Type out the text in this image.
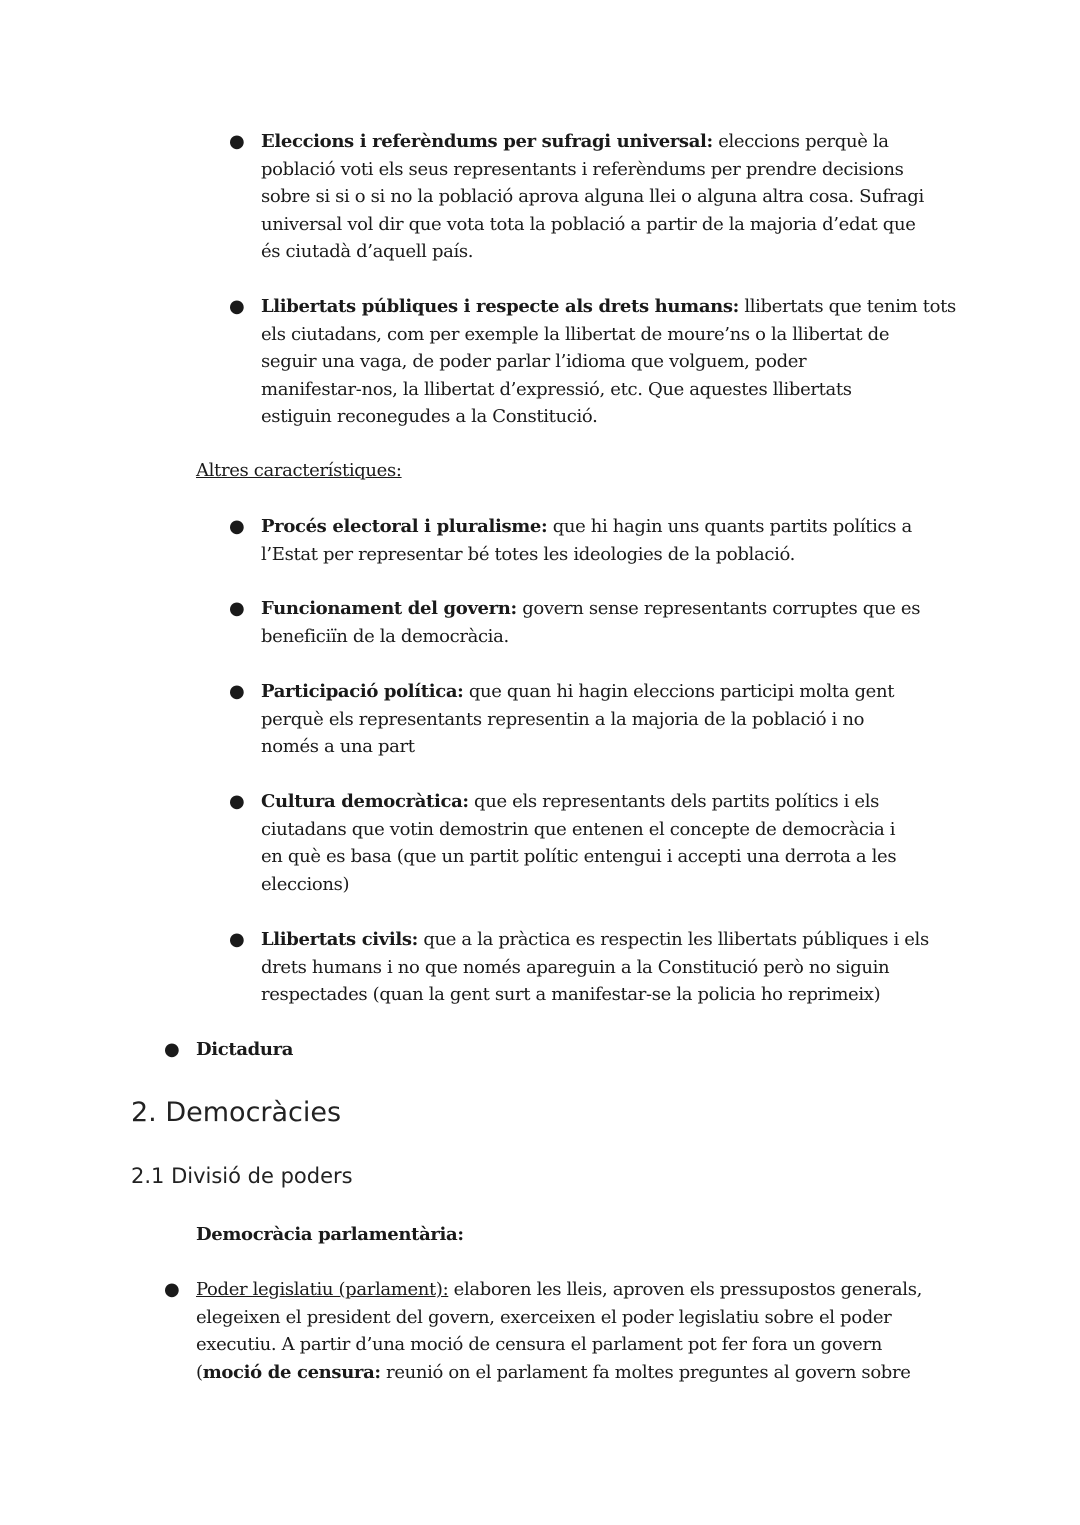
● Eleccions i referèndums per sufragi universal: eleccions perquè la
població voti els seus representants i referèndums per prendre decisions
sobre si si o si no la població aprova alguna llei o alguna altra cosa. Sufragi
universal vol dir que vota tota la població a partir de la majoria d’edat que
és ciutadà d’aquell país.
● Llibertats públiques i respecte als drets humans: llibertats que tenim tots
els ciutadans, com per exemple la llibertat de moure’ns o la llibertat de
seguir una vaga, de poder parlar l’idioma que volguem, poder
manifestar-nos, la llibertat d’expressió, etc. Que aquestes llibertats
estiguin reconegudes a la Constitució.
Altres característiques:
● Procés electoral i pluralisme: que hi hagin uns quants partits polítics a
l’Estat per representar bé totes les ideologies de la població.
● Funcionament del govern: govern sense representants corruptes que es
beneficiïn de la democràcia.
● Participació política: que quan hi hagin eleccions participi molta gent
perquè els representants representin a la majoria de la població i no
només a una part
● Cultura democràtica: que els representants dels partits polítics i els
ciutadans que votin demostrin que entenen el concepte de democràcia i
en què es basa (que un partit polític entengui i accepti una derrota a les
eleccions)
● Llibertats civils: que a la pràctica es respectin les llibertats públiques i els
drets humans i no que només apareguin a la Constitució però no siguin
respectades (quan la gent surt a manifestar-se la policia ho reprimeix)
● Dictadura
2. Democràcies
2.1 Divisió de poders
Democràcia parlamentària:
● Poder legislatiu (parlament): elaboren les lleis, aproven els pressupostos generals,
elegeixen el president del govern, exerceixen el poder legislatiu sobre el poder
executiu. A partir d’una moció de censura el parlament pot fer fora un govern
(moció de censura: reunió on el parlament fa moltes preguntes al govern sobre
